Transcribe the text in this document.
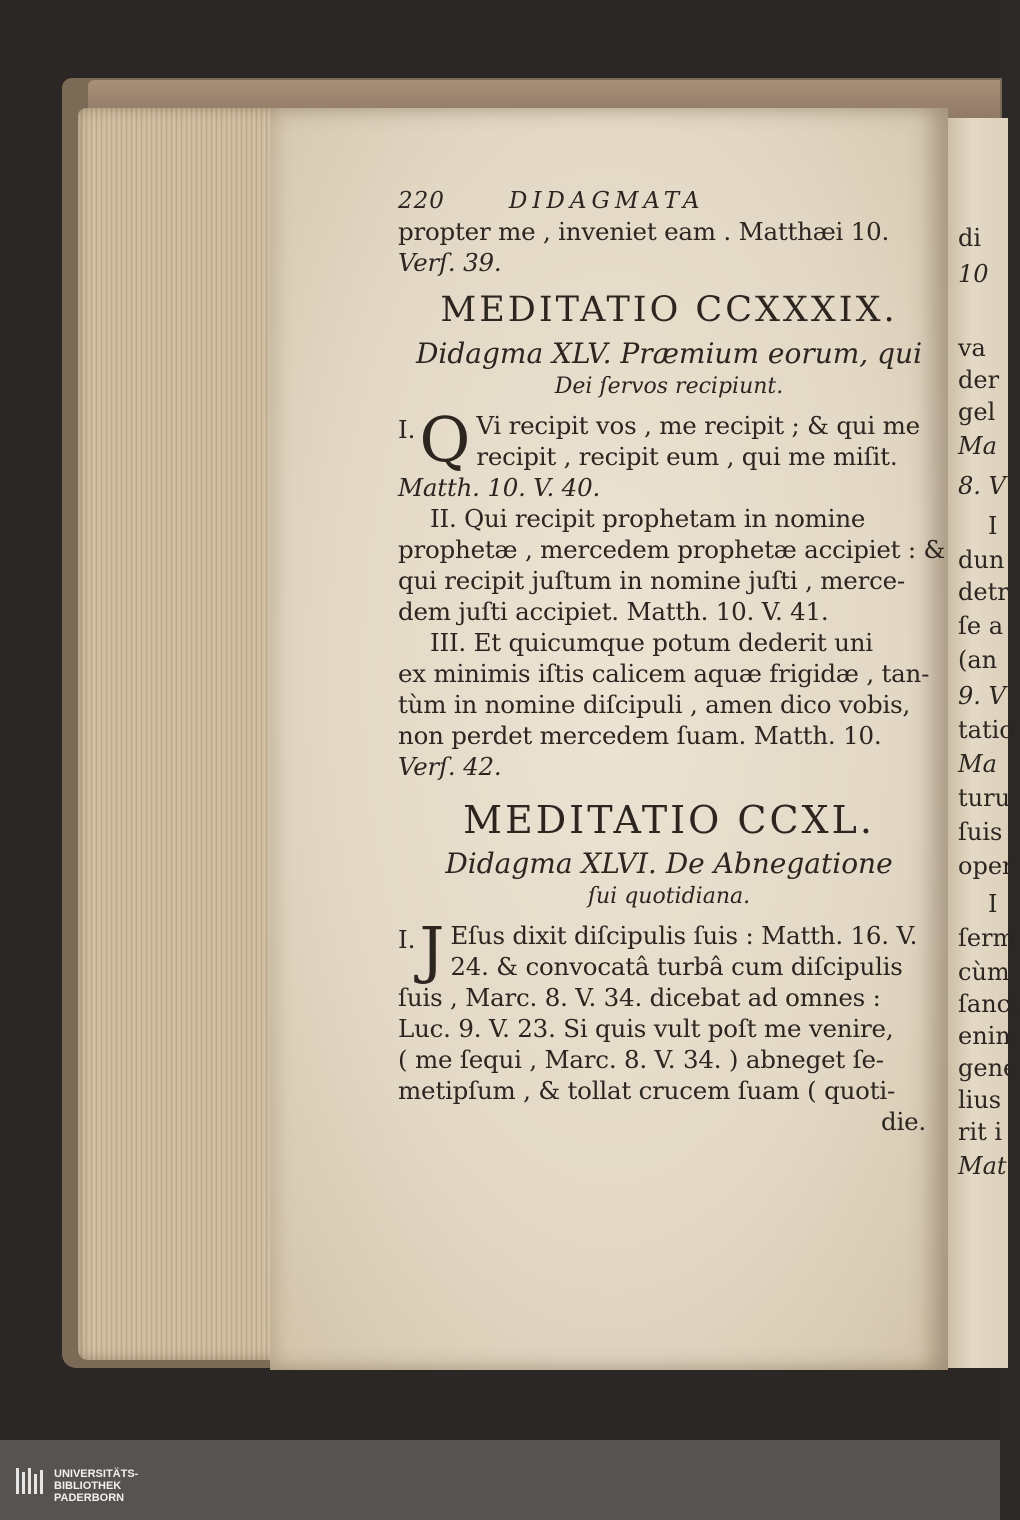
220	DIDAGMATA
propter me , inveniet eam . Matthæi 10.
Verſ. 39.
MEDITATIO CCXXXIX.
Didagma XLV. Præmium eorum, qui
Dei ſervos recipiunt.
I. Q Vi recipit vos , me recipit ; & qui me
recipit , recipit eum , qui me miſit.
Matth. 10. V. 40.
II. Qui recipit prophetam in nomine
prophetæ , mercedem prophetæ accipiet : &
qui recipit juſtum in nomine juſti , merce-
dem juſti accipiet. Matth. 10. V. 41.
III. Et quicumque potum dederit uni
ex minimis iſtis calicem aquæ frigidæ , tan-
tùm in nomine diſcipuli , amen dico vobis,
non perdet mercedem ſuam. Matth. 10.
Verſ. 42.
MEDITATIO CCXL.
Didagma XLVI. De Abnegatione
ſui quotidiana.
I. J Eſus dixit diſcipulis ſuis : Matth. 16. V.
24. & convocatâ turbâ cum diſcipulis
ſuis , Marc. 8. V. 34. dicebat ad omnes :
Luc. 9. V. 23. Si quis vult poſt me venire,
( me ſequi , Marc. 8. V. 34. ) abneget ſe-
metipſum , & tollat crucem ſuam ( quoti-
die.
di
10
va
der
gel
Ma
8. V
I
dun
detr
ſe a
(an
9. V
tatio
Ma
turu
ſuis
oper
I
ſerm
cùm
ſanct
enim
gene
lius
rit i
Mat
UNIVERSITÄTS-
BIBLIOTHEK
PADERBORN
